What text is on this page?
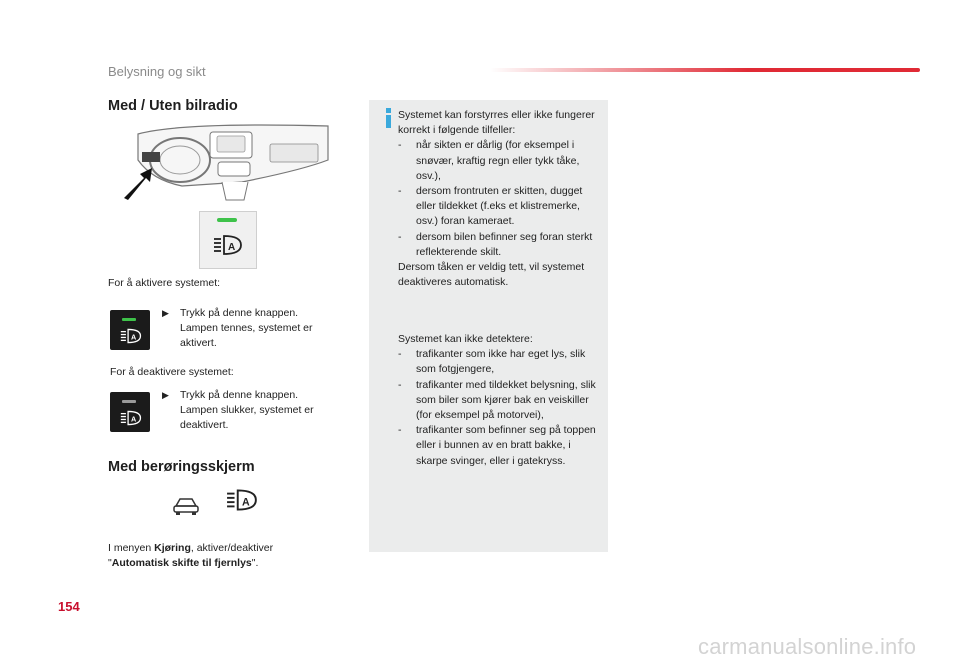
Belysning og sikt
Med / Uten bilradio
A
For å aktivere systemet:
A
▶	Trykk på denne knappen. Lampen tennes, systemet er aktivert.
For å deaktivere systemet:
A
▶	Trykk på denne knappen. Lampen slukker, systemet er deaktivert.
Med berøringsskjerm
A
I menyen Kjøring, aktiver/deaktiver
"Automatisk skifte til fjernlys".
Systemet kan forstyrres eller ikke fungerer korrekt i følgende tilfeller:
-	når sikten er dårlig (for eksempel i snøvær, kraftig regn eller tykk tåke, osv.),
-	dersom frontruten er skitten, dugget eller tildekket (f.eks et klistremerke, osv.) foran kameraet.
-	dersom bilen befinner seg foran sterkt reflekterende skilt.
Dersom tåken er veldig tett, vil systemet deaktiveres automatisk.
Systemet kan ikke detektere:
-	trafikanter som ikke har eget lys, slik som fotgjengere,
-	trafikanter med tildekket belysning, slik som biler som kjører bak en veiskiller (for eksempel på motorvei),
-	trafikanter som befinner seg på toppen eller i bunnen av en bratt bakke, i skarpe svinger, eller i gatekryss.
154
carmanualsonline.info
